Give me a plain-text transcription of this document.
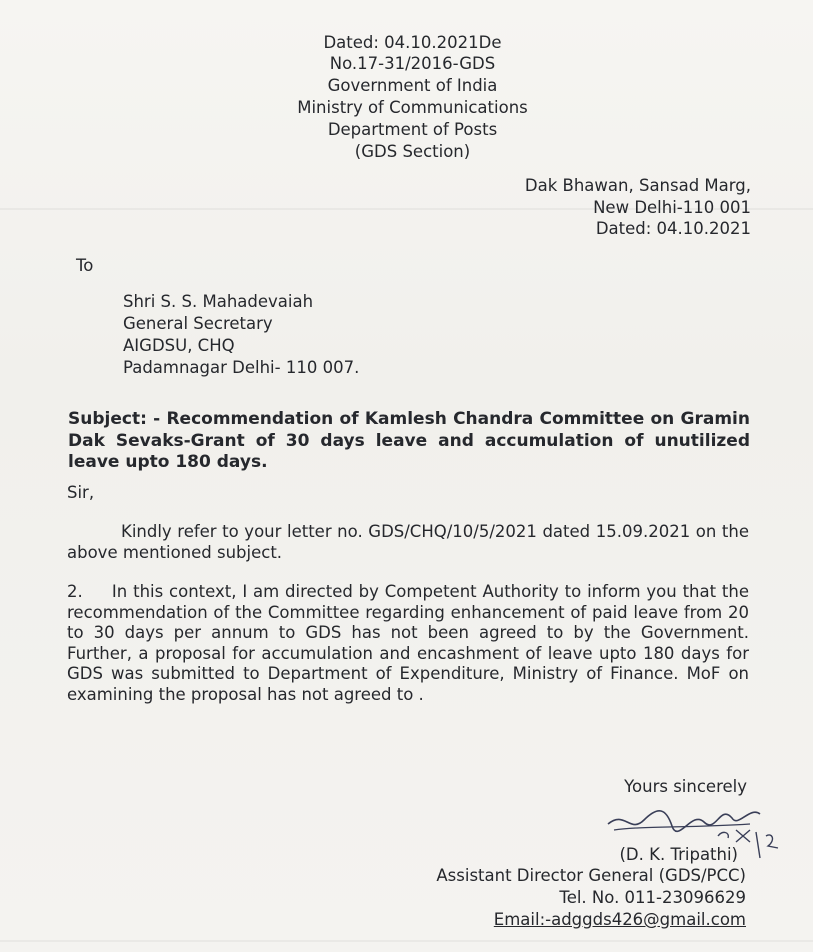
Dated: 04.10.2021De
No.17-31/2016-GDS
Government of India
Ministry of Communications
Department of Posts
(GDS Section)
Dak Bhawan, Sansad Marg,
New Delhi-110 001
Dated: 04.10.2021
To
Shri S. S. Mahadevaiah
General Secretary
AIGDSU, CHQ
Padamnagar Delhi- 110 007.
Subject: - Recommendation of Kamlesh Chandra Committee on Gramin Dak Sevaks-Grant of 30 days leave and accumulation of unutilized leave upto 180 days.
Sir,
Kindly refer to your letter no. GDS/CHQ/10/5/2021 dated 15.09.2021 on the above mentioned subject.
2.     In this context, I am directed by Competent Authority to inform you that the recommendation of the Committee regarding enhancement of paid leave from 20 to 30 days per annum to GDS has not been agreed to by the Government. Further, a proposal for accumulation and encashment of leave upto 180 days for GDS was submitted to Department of Expenditure, Ministry of Finance. MoF on examining the proposal has not agreed to .
Yours sincerely
(D. K. Tripathi)
Assistant Director General (GDS/PCC)
Tel. No. 011-23096629
Email:-adggds426@gmail.com
